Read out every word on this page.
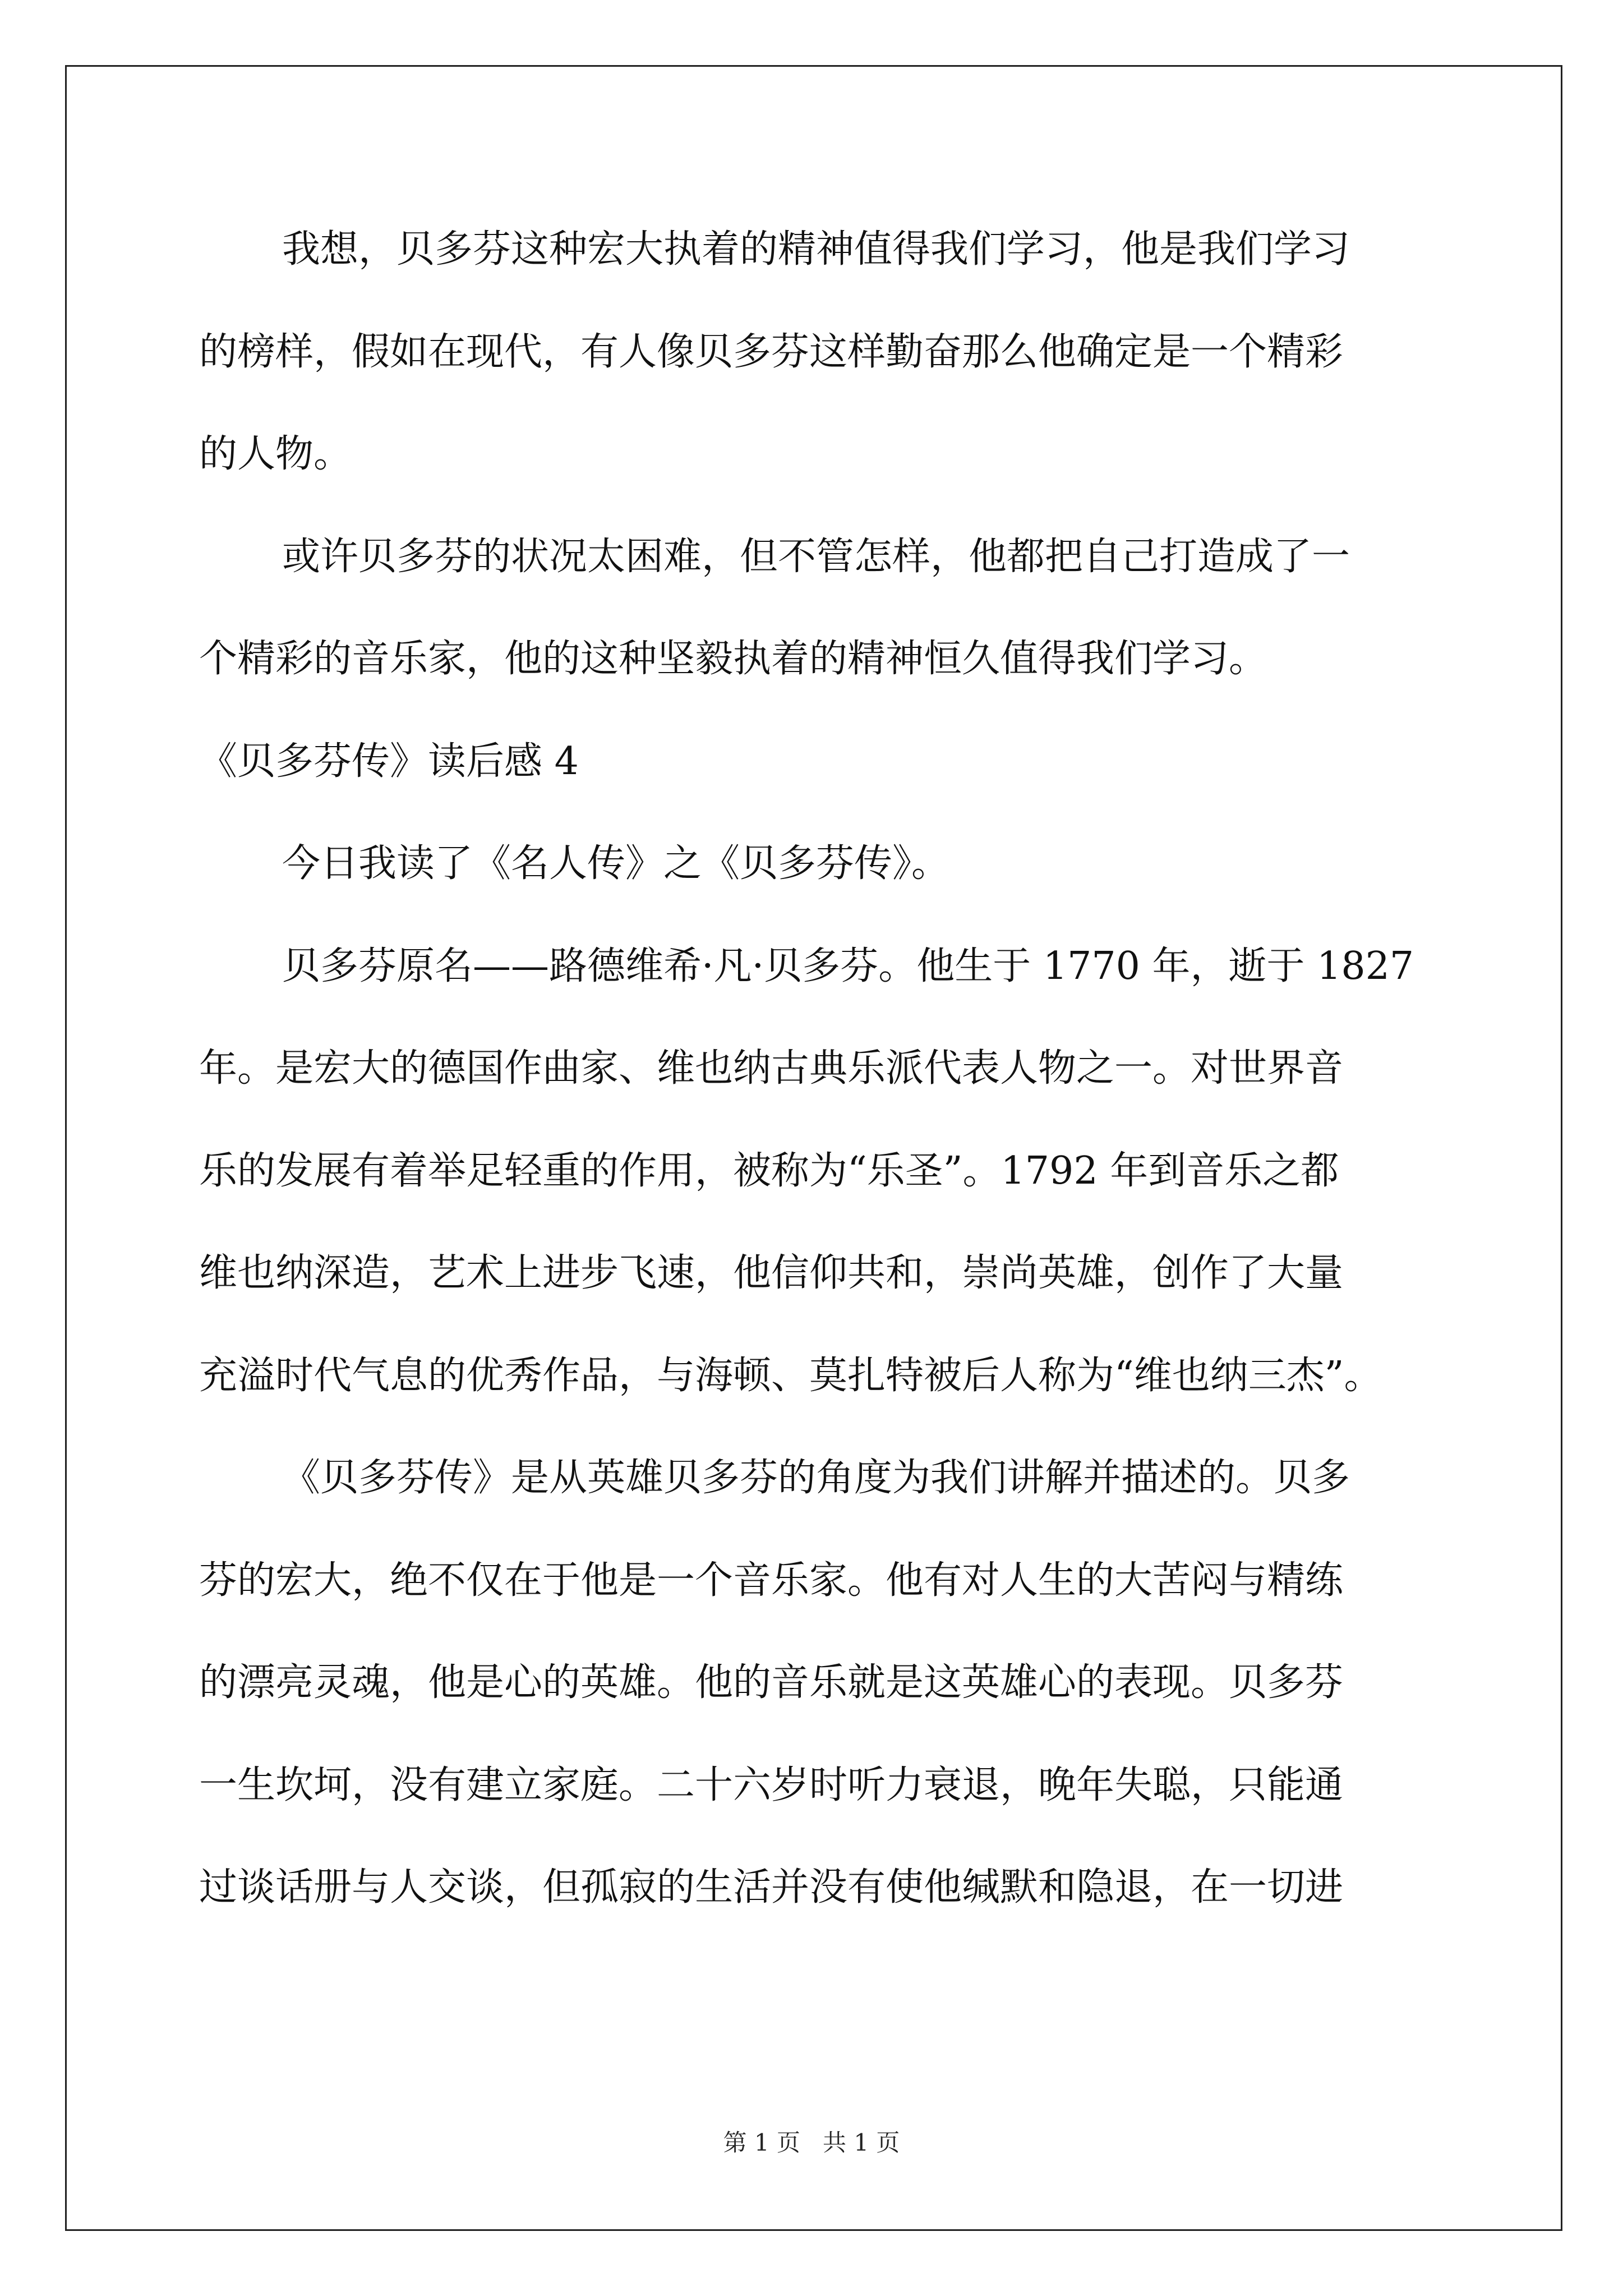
我想，贝多芬这种宏大执着的精神值得我们学习，他是我们学习
的榜样，假如在现代，有人像贝多芬这样勤奋那么他确定是一个精彩
的人物。
或许贝多芬的状况太困难，但不管怎样，他都把自己打造成了一
个精彩的音乐家，他的这种坚毅执着的精神恒久值得我们学习。
《贝多芬传》读后感 4
今日我读了《名人传》之《贝多芬传》。
贝多芬原名——路德维希·凡·贝多芬。他生于 1770 年，逝于 1827
年。是宏大的德国作曲家、维也纳古典乐派代表人物之一。对世界音
乐的发展有着举足轻重的作用，被称为“乐圣”。1792 年到音乐之都
维也纳深造，艺术上进步飞速，他信仰共和，崇尚英雄，创作了大量
充溢时代气息的优秀作品，与海顿、莫扎特被后人称为“维也纳三杰”。
《贝多芬传》是从英雄贝多芬的角度为我们讲解并描述的。贝多
芬的宏大，绝不仅在于他是一个音乐家。他有对人生的大苦闷与精练
的漂亮灵魂，他是心的英雄。他的音乐就是这英雄心的表现。贝多芬
一生坎坷，没有建立家庭。二十六岁时听力衰退，晚年失聪，只能通
过谈话册与人交谈，但孤寂的生活并没有使他缄默和隐退，在一切进
第 1 页 共 1 页
